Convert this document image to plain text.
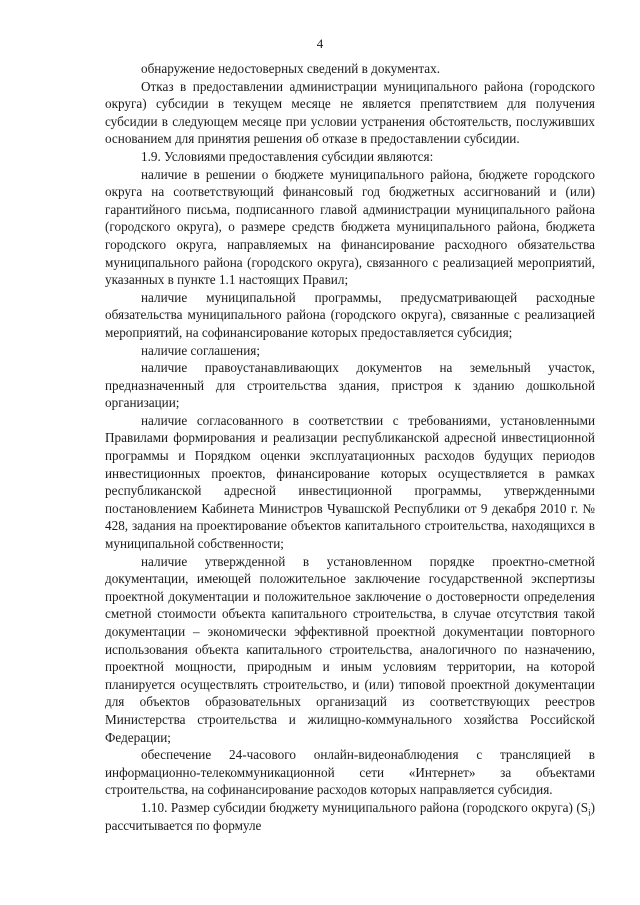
4

обнаружение недостоверных сведений в документах.

Отказ в предоставлении администрации муниципального района (городского округа) субсидии в текущем месяце не является препятствием для получения субсидии в следующем месяце при условии устранения обстоятельств, послуживших основанием для принятия решения об отказе в предоставлении субсидии.

1.9. Условиями предоставления субсидии являются:

наличие в решении о бюджете муниципального района, бюджете городского округа на соответствующий финансовый год бюджетных ассигнований и (или) гарантийного письма, подписанного главой администрации муниципального района (городского округа), о размере средств бюджета муниципального района, бюджета городского округа, направляемых на финансирование расходного обязательства муниципального района (городского округа), связанного с реализацией мероприятий, указанных в пункте 1.1 настоящих Правил;

наличие муниципальной программы, предусматривающей расходные обязательства муниципального района (городского округа), связанные с реализацией мероприятий, на софинансирование которых предоставляется субсидия;

наличие соглашения;

наличие правоустанавливающих документов на земельный участок, предназначенный для строительства здания, пристроя к зданию дошкольной организации;

наличие согласованного в соответствии с требованиями, установленными Правилами формирования и реализации республиканской адресной инвестиционной программы и Порядком оценки эксплуатационных расходов будущих периодов инвестиционных проектов, финансирование которых осуществляется в рамках республиканской адресной инвестиционной программы, утвержденными постановлением Кабинета Министров Чувашской Республики от 9 декабря 2010 г. № 428, задания на проектирование объектов капитального строительства, находящихся в муниципальной собственности;

наличие утвержденной в установленном порядке проектно-сметной документации, имеющей положительное заключение государственной экспертизы проектной документации и положительное заключение о достоверности определения сметной стоимости объекта капитального строительства, в случае отсутствия такой документации – экономически эффективной проектной документации повторного использования объекта капитального строительства, аналогичного по назначению, проектной мощности, природным и иным условиям территории, на которой планируется осуществлять строительство, и (или) типовой проектной документации для объектов образовательных организаций из соответствующих реестров Министерства строительства и жилищно-коммунального хозяйства Российской Федерации;

обеспечение 24-часового онлайн-видеонаблюдения с трансляцией в информационно-телекоммуникационной сети «Интернет» за объектами строительства, на софинансирование расходов которых направляется субсидия.

1.10. Размер субсидии бюджету муниципального района (городского округа) $(S_i)$ рассчитывается по формуле
